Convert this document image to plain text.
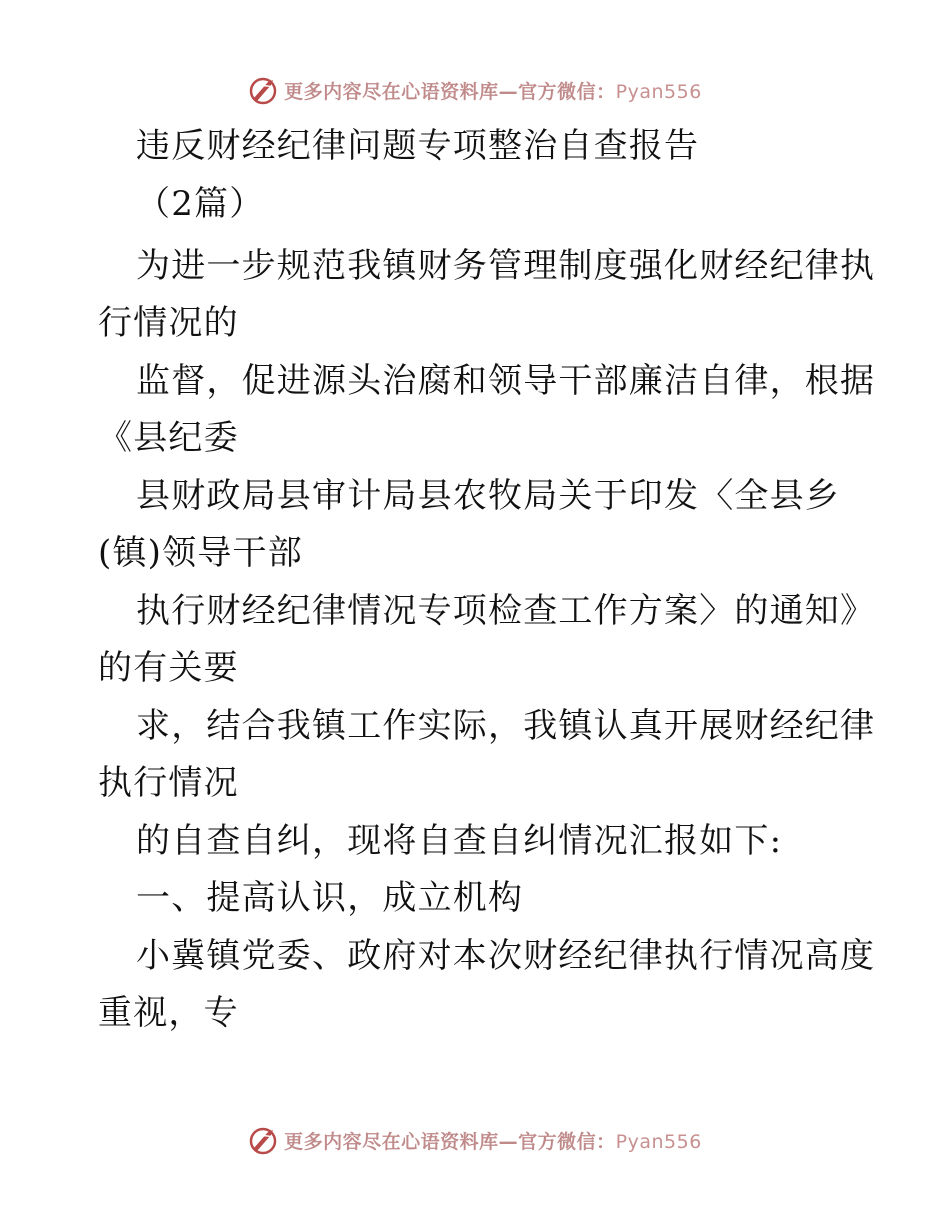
更多内容尽在心语资料库—官方微信：Pyan556
违反财经纪律问题专项整治自查报告
（2篇）
为进一步规范我镇财务管理制度强化财经纪律执
行情况的
监督，促进源头治腐和领导干部廉洁自律，根据
《县纪委
县财政局县审计局县农牧局关于印发〈全县乡
(镇)领导干部
执行财经纪律情况专项检查工作方案〉的通知》
的有关要
求，结合我镇工作实际，我镇认真开展财经纪律
执行情况
的自查自纠，现将自查自纠情况汇报如下:
一、提高认识，成立机构
小冀镇党委、政府对本次财经纪律执行情况高度
重视，专
更多内容尽在心语资料库—官方微信：Pyan556
